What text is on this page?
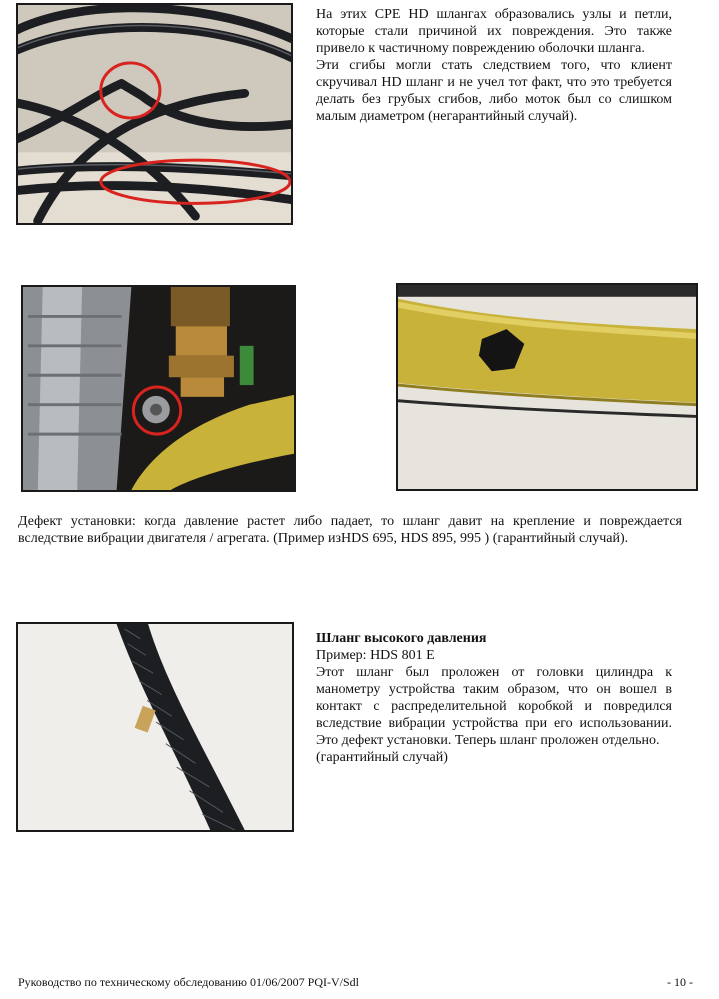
На этих CPE HD шлангах образовались узлы и петли, которые стали причиной их повреждения. Это также привело к частичному повреждению оболочки шланга.

Эти сгибы могли стать следствием того, что клиент скручивал HD шланг и не учел тот факт, что это требуется делать без грубых сгибов, либо моток был со слишком малым диаметром (негарантийный случай).

Дефект установки: когда давление растет либо падает, то шланг давит на крепление и повреждается вследствие вибрации двигателя / агрегата. (Пример изHDS 695, HDS 895, 995 ) (гарантийный случай).

Шланг высокого давления

Пример: HDS 801 E

Этот шланг был проложен от головки цилиндра к манометру устройства таким образом, что он вошел в контакт с распределительной коробкой и повредился вследствие вибрации устройства при его использовании. Это дефект установки. Теперь шланг проложен отдельно.

(гарантийный случай)

Руководство по техническому обследованию 01/06/2007 PQI-V/Sdl	- 10 -
